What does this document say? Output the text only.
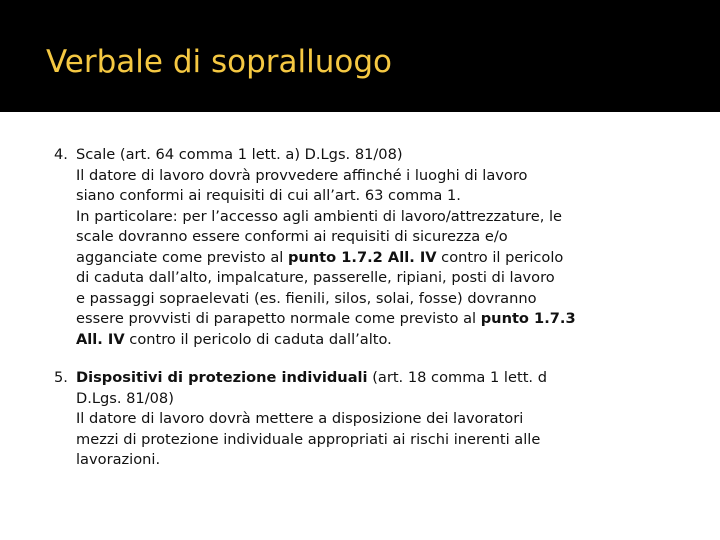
Verbale di sopralluogo
4. Scale (art. 64 comma 1 lett. a) D.Lgs. 81/08)
Il datore di lavoro dovrà provvedere affinché i luoghi di lavoro
siano conformi ai requisiti di cui all’art. 63 comma 1.
In particolare: per l’accesso agli ambienti di lavoro/attrezzature, le
scale dovranno essere conformi ai requisiti di sicurezza e/o
agganciate come previsto al punto 1.7.2 All. IV contro il pericolo
di caduta dall’alto, impalcature, passerelle, ripiani, posti di lavoro
e passaggi sopraelevati (es. fienili, silos, solai, fosse) dovranno
essere provvisti di parapetto normale come previsto al punto 1.7.3
All. IV contro il pericolo di caduta dall’alto.
5. Dispositivi di protezione individuali (art. 18 comma 1 lett. d
D.Lgs. 81/08)
Il datore di lavoro dovrà mettere a disposizione dei lavoratori
mezzi di protezione individuale appropriati ai rischi inerenti alle
lavorazioni.
